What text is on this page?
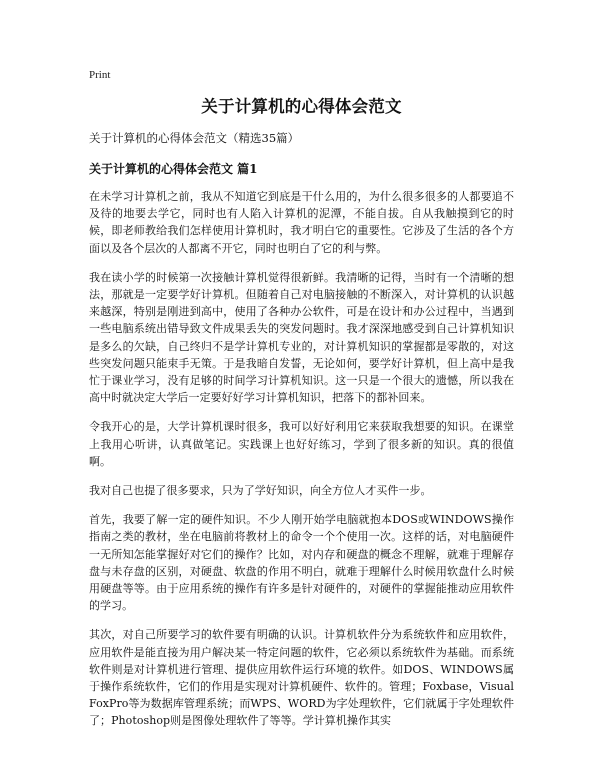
Print
关于计算机的心得体会范文
关于计算机的心得体会范文（精选35篇）
关于计算机的心得体会范文 篇1

在未学习计算机之前，我从不知道它到底是干什么用的，为什么很多很多的人都要追不及待的地要去学它，同时也有人陷入计算机的泥潭，不能自拔。自从我触摸到它的时候，即老师教给我们怎样使用计算机时，我才明白它的重要性。它涉及了生活的各个方面以及各个层次的人都离不开它，同时也明白了它的利与弊。

我在读小学的时候第一次接触计算机觉得很新鲜。我清晰的记得，当时有一个清晰的想法，那就是一定要学好计算机。但随着自己对电脑接触的不断深入，对计算机的认识越来越深，特别是刚进到高中，使用了各种办公软件，可是在设计和办公过程中，当遇到一些电脑系统出错导致文件成果丢失的突发问题时。我才深深地感受到自己计算机知识是多么的欠缺，自己终归不是学计算机专业的，对计算机知识的掌握都是零散的，对这些突发问题只能束手无策。于是我暗自发誓，无论如何，要学好计算机，但上高中是我忙于课业学习，没有足够的时间学习计算机知识。这一只是一个很大的遗憾，所以我在高中时就决定大学后一定要好好学习计算机知识，把落下的都补回来。

令我开心的是，大学计算机课时很多，我可以好好利用它来获取我想要的知识。在课堂上我用心听讲，认真做笔记。实践课上也好好练习，学到了很多新的知识。真的很值啊。

我对自己也提了很多要求，只为了学好知识，向全方位人才买件一步。

首先，我要了解一定的硬件知识。不少人刚开始学电脑就抱本DOS或WINDOWS操作指南之类的教材，坐在电脑前将教材上的命令一个个使用一次。这样的话，对电脑硬件一无所知怎能掌握好对它们的操作？比如，对内存和硬盘的概念不理解，就难于理解存盘与未存盘的区别，对硬盘、软盘的作用不明白，就难于理解什么时候用软盘什么时候用硬盘等等。由于应用系统的操作有许多是针对硬件的，对硬件的掌握能推动应用软件的学习。

其次，对自己所要学习的软件要有明确的认识。计算机软件分为系统软件和应用软件，应用软件是能直接为用户解决某一特定问题的软件，它必须以系统软件为基础。而系统软件则是对计算机进行管理、提供应用软件运行环境的软件。如DOS、WINDOWS属于操作系统软件，它们的作用是实现对计算机硬件、软件的。管理；Foxbase，Visual FoxPro等为数据库管理系统；而WPS、WORD为字处理软件，它们就属于字处理软件了；Photoshop则是图像处理软件了等等。学计算机操作其实
